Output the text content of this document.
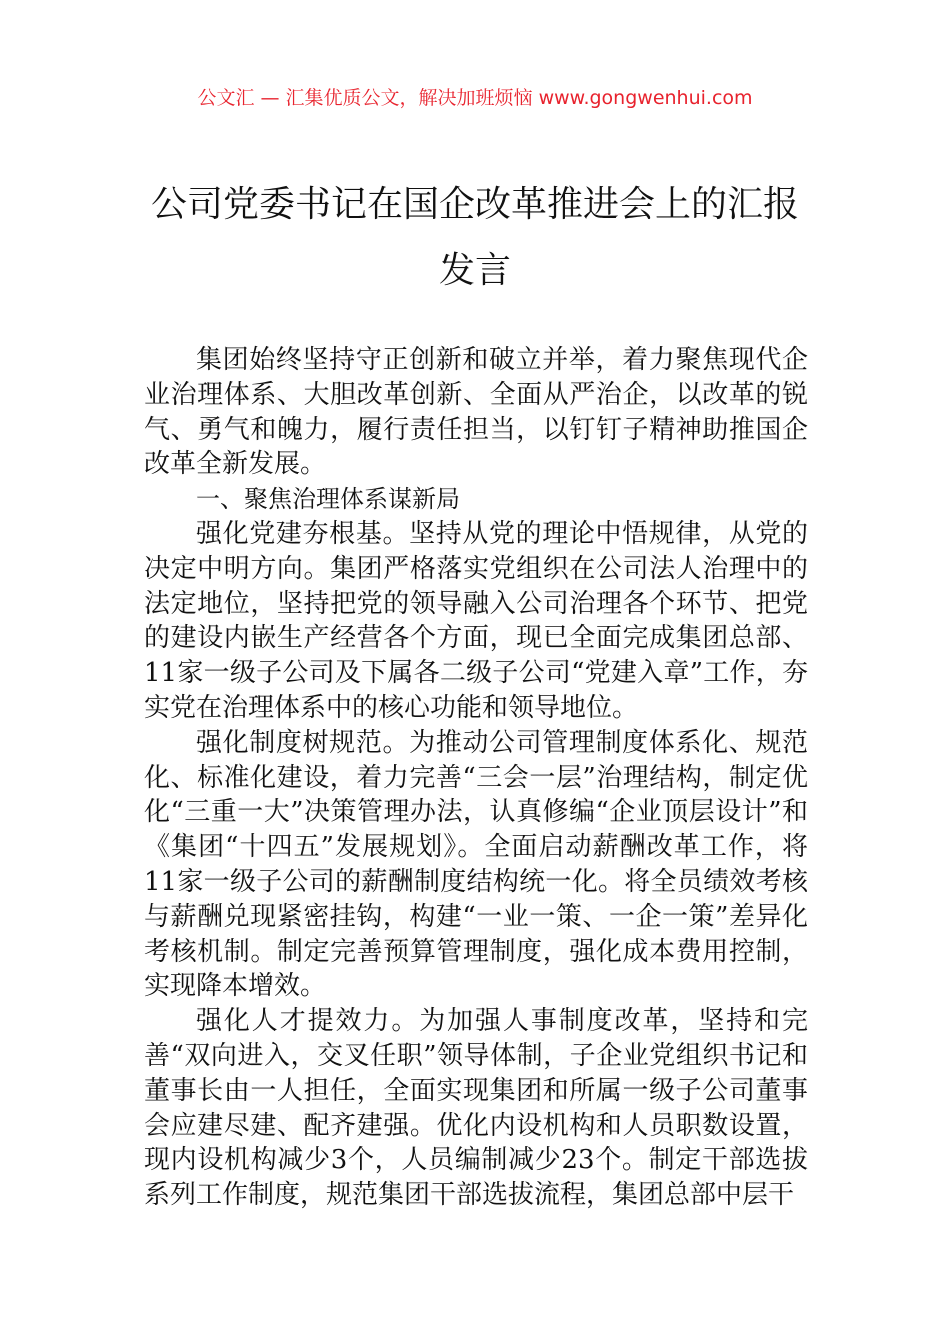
公文汇 — 汇集优质公文，解决加班烦恼 www.gongwenhui.com
公司党委书记在国企改革推进会上的汇报
发言

集团始终坚持守正创新和破立并举，着力聚焦现代企业治理体系、大胆改革创新、全面从严治企，以改革的锐气、勇气和魄力，履行责任担当，以钉钉子精神助推国企改革全新发展。

一、聚焦治理体系谋新局

强化党建夯根基。坚持从党的理论中悟规律，从党的决定中明方向。集团严格落实党组织在公司法人治理中的法定地位，坚持把党的领导融入公司治理各个环节、把党的建设内嵌生产经营各个方面，现已全面完成集团总部、11家一级子公司及下属各二级子公司“党建入章”工作，夯实党在治理体系中的核心功能和领导地位。

强化制度树规范。为推动公司管理制度体系化、规范化、标准化建设，着力完善“三会一层”治理结构，制定优化“三重一大”决策管理办法，认真修编“企业顶层设计”和《集团“十四五”发展规划》。全面启动薪酬改革工作，将11家一级子公司的薪酬制度结构统一化。将全员绩效考核与薪酬兑现紧密挂钩，构建“一业一策、一企一策”差异化考核机制。制定完善预算管理制度，强化成本费用控制，实现降本增效。

强化人才提效力。为加强人事制度改革，坚持和完善“双向进入，交叉任职”领导体制，子企业党组织书记和董事长由一人担任，全面实现集团和所属一级子公司董事会应建尽建、配齐建强。优化内设机构和人员职数设置，现内设机构减少3个，人员编制减少23个。制定干部选拔系列工作制度，规范集团干部选拔流程，集团总部中层干
